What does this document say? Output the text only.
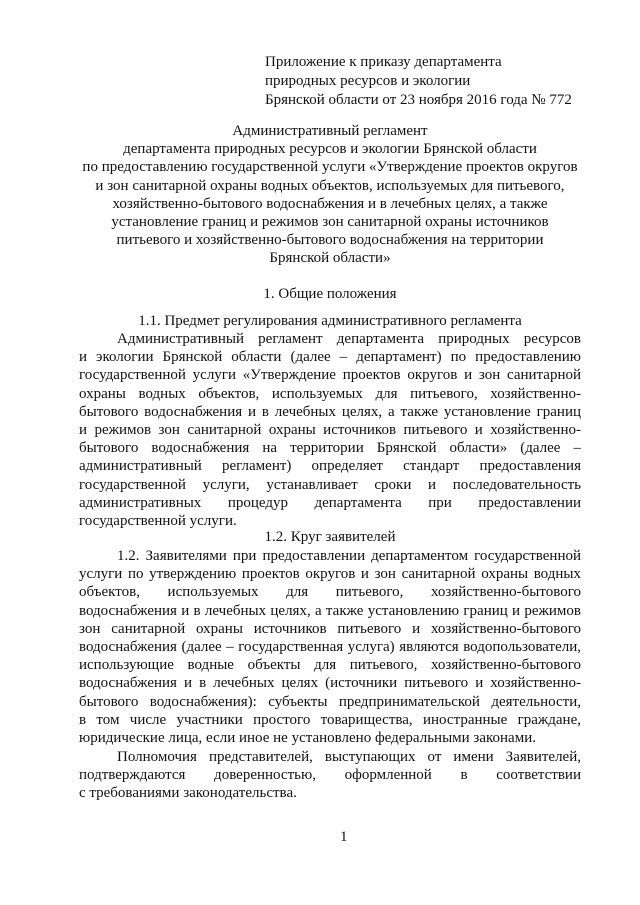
Приложение к приказу департамента
природных ресурсов и экологии
Брянской области от 23 ноября 2016 года № 772
Административный регламент
департамента природных ресурсов и экологии Брянской области
по предоставлению государственной услуги «Утверждение проектов округов
и зон санитарной охраны водных объектов, используемых для питьевого,
хозяйственно-бытового водоснабжения и в лечебных целях, а также
установление границ и режимов зон санитарной охраны источников
питьевого и хозяйственно-бытового водоснабжения на территории
Брянской области»
1. Общие положения
1.1. Предмет регулирования административного регламента
Административный регламент департамента природных ресурсов
и экологии Брянской области (далее – департамент) по предоставлению
государственной услуги «Утверждение проектов округов и зон санитарной
охраны водных объектов, используемых для питьевого, хозяйственно-
бытового водоснабжения и в лечебных целях, а также установление границ
и режимов зон санитарной охраны источников питьевого и хозяйственно-
бытового водоснабжения на территории Брянской области» (далее –
административный регламент) определяет стандарт предоставления
государственной услуги, устанавливает сроки и последовательность
административных процедур департамента при предоставлении
государственной услуги.
1.2. Круг заявителей
1.2. Заявителями при предоставлении департаментом государственной
услуги по утверждению проектов округов и зон санитарной охраны водных
объектов, используемых для питьевого, хозяйственно-бытового
водоснабжения и в лечебных целях, а также установлению границ и режимов
зон санитарной охраны источников питьевого и хозяйственно-бытового
водоснабжения (далее – государственная услуга) являются водопользователи,
использующие водные объекты для питьевого, хозяйственно-бытового
водоснабжения и в лечебных целях (источники питьевого и хозяйственно-
бытового водоснабжения): субъекты предпринимательской деятельности,
в том числе участники простого товарищества, иностранные граждане,
юридические лица, если иное не установлено федеральными законами.
Полномочия представителей, выступающих от имени Заявителей,
подтверждаются доверенностью, оформленной в соответствии
с требованиями законодательства.
1
